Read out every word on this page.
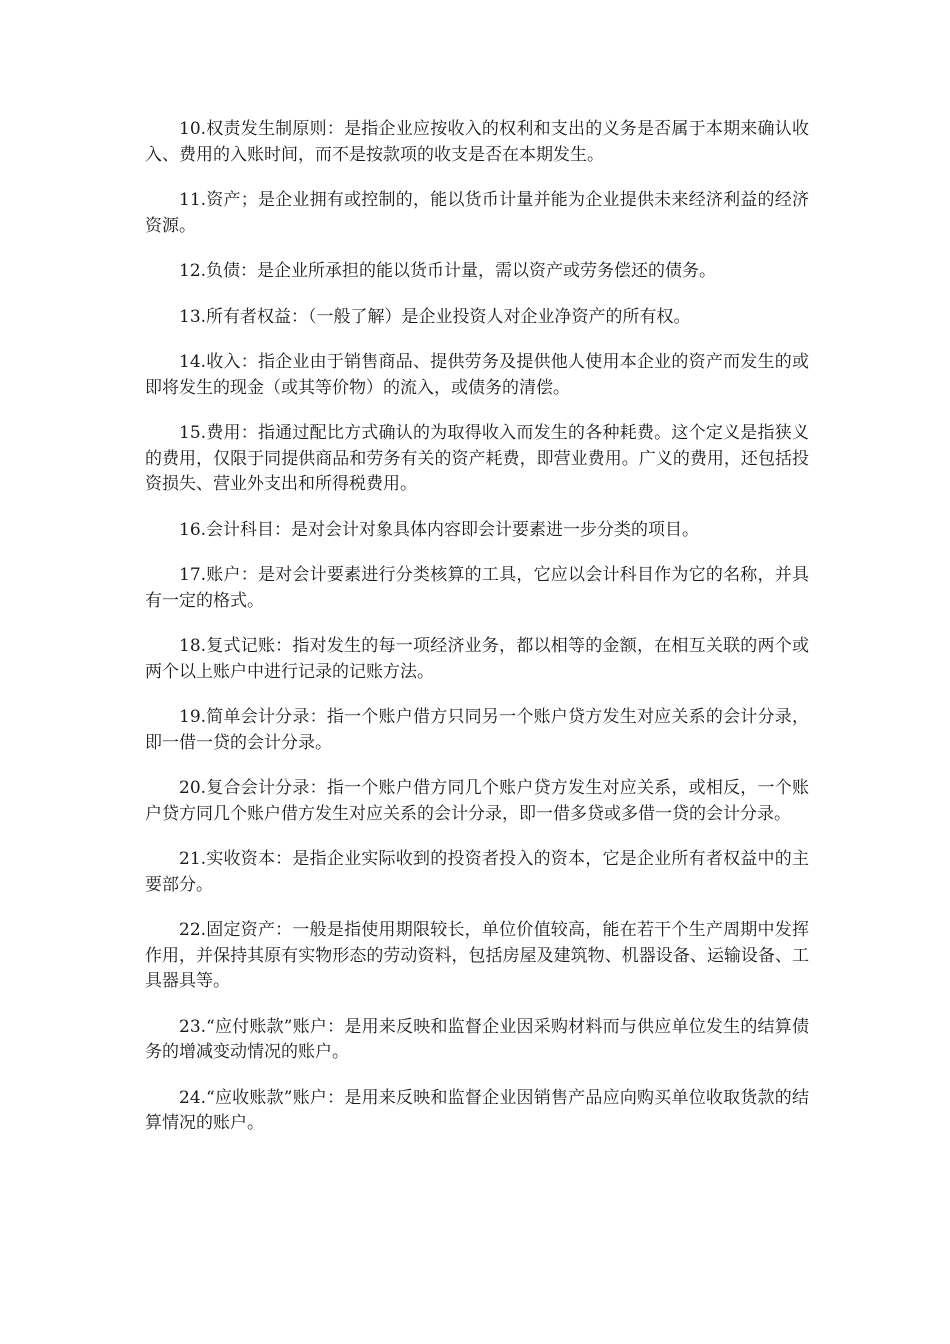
10.权责发生制原则：是指企业应按收入的权利和支出的义务是否属于本期来确认收入、费用的入账时间，而不是按款项的收支是否在本期发生。

11.资产；是企业拥有或控制的，能以货币计量并能为企业提供未来经济利益的经济资源。

12.负债：是企业所承担的能以货币计量，需以资产或劳务偿还的债务。

13.所有者权益：（一般了解）是企业投资人对企业净资产的所有权。

14.收入：指企业由于销售商品、提供劳务及提供他人使用本企业的资产而发生的或即将发生的现金（或其等价物）的流入，或债务的清偿。

15.费用：指通过配比方式确认的为取得收入而发生的各种耗费。这个定义是指狭义的费用，仅限于同提供商品和劳务有关的资产耗费，即营业费用。广义的费用，还包括投资损失、营业外支出和所得税费用。

16.会计科目：是对会计对象具体内容即会计要素进一步分类的项目。

17.账户：是对会计要素进行分类核算的工具，它应以会计科目作为它的名称，并具有一定的格式。

18.复式记账：指对发生的每一项经济业务，都以相等的金额，在相互关联的两个或两个以上账户中进行记录的记账方法。

19.简单会计分录：指一个账户借方只同另一个账户贷方发生对应关系的会计分录，即一借一贷的会计分录。

20.复合会计分录：指一个账户借方同几个账户贷方发生对应关系，或相反，一个账户贷方同几个账户借方发生对应关系的会计分录，即一借多贷或多借一贷的会计分录。

21.实收资本：是指企业实际收到的投资者投入的资本，它是企业所有者权益中的主要部分。

22.固定资产：一般是指使用期限较长，单位价值较高，能在若干个生产周期中发挥作用，并保持其原有实物形态的劳动资料，包括房屋及建筑物、机器设备、运输设备、工具器具等。

23.“应付账款”账户：是用来反映和监督企业因采购材料而与供应单位发生的结算债务的增减变动情况的账户。

24.“应收账款”账户：是用来反映和监督企业因销售产品应向购买单位收取货款的结算情况的账户。
